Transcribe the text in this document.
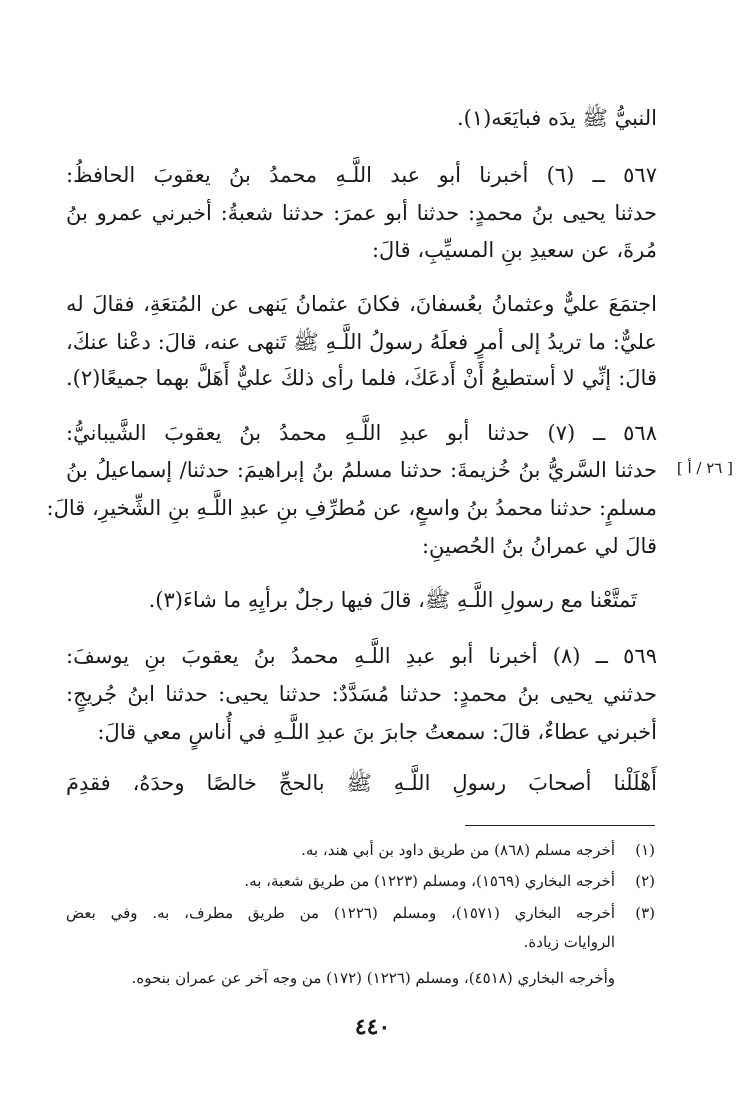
النبيُّ ﷺ يدَه فبايَعَه(١).

٥٦٧ ــ (٦) أخبرنا أبو عبد اللَّـهِ محمدُ بنُ يعقوبَ الحافظُ:

حدثنا يحيى بنُ محمدٍ: حدثنا أبو عمرَ: حدثنا شعبةُ: أخبرني عمرو بنُ

مُرةَ، عن سعيدِ بنِ المسيِّبِ، قالَ:

اجتمَعَ عليٌّ وعثمانُ بعُسفانَ، فكانَ عثمانُ يَنهى عن المُتعَةِ، فقالَ له

عليٌّ: ما تريدُ إلى أمرٍ فعلَهُ رسولُ اللَّـهِ ﷺ تَنهى عنه، قالَ: دعْنا عنكَ،

قالَ: إنِّي لا أستطيعُ أَنْ أَدعَكَ، فلما رأى ذلكَ عليٌّ أَهَلَّ بهما جميعًا(٢).

٥٦٨ ــ (٧) حدثنا أبو عبدِ اللَّـهِ محمدُ بنُ يعقوبَ الشَّيبانيُّ:

حدثنا السَّريُّ بنُ خُزيمةَ: حدثنا مسلمُ بنُ إبراهيمَ: حدثنا/ إسماعيلُ بنُ

مسلمٍ: حدثنا محمدُ بنُ واسعٍ، عن مُطرِّفِ بنِ عبدِ اللَّـهِ بنِ الشِّخيرِ، قالَ:

قالَ لي عمرانُ بنُ الحُصينِ:

تَمتَّعْنا مع رسولِ اللَّـهِ ﷺ، قالَ فيها رجلٌ برأيِهِ ما شاءَ(٣).

٥٦٩ ــ (٨) أخبرنا أبو عبدِ اللَّـهِ محمدُ بنُ يعقوبَ بنِ يوسفَ:

حدثني يحيى بنُ محمدٍ: حدثنا مُسَدَّدٌ: حدثنا يحيى: حدثنا ابنُ جُريجٍ:

أخبرني عطاءٌ، قالَ: سمعتُ جابرَ بنَ عبدِ اللَّـهِ في أُناسٍ معي قالَ:

أَهْلَلْنا أصحابَ رسولِ اللَّـهِ ﷺ بالحجِّ خالصًا وحدَهُ، فقدِمَ

[ ٢٦ / أ ]

(١)أخرجه مسلم (٨٦٨) من طريق داود بن أبي هند، به.

(٢)أخرجه البخاري (١٥٦٩)، ومسلم (١٢٢٣) من طريق شعبة، به.

(٣)أخرجه البخاري (١٥٧١)، ومسلم (١٢٢٦) من طريق مطرف، به. وفي بعض

الروايات زيادة.

وأخرجه البخاري (٤٥١٨)، ومسلم (١٢٢٦) (١٧٢) من وجه آخر عن عمران بنحوه.

٤٤٠
